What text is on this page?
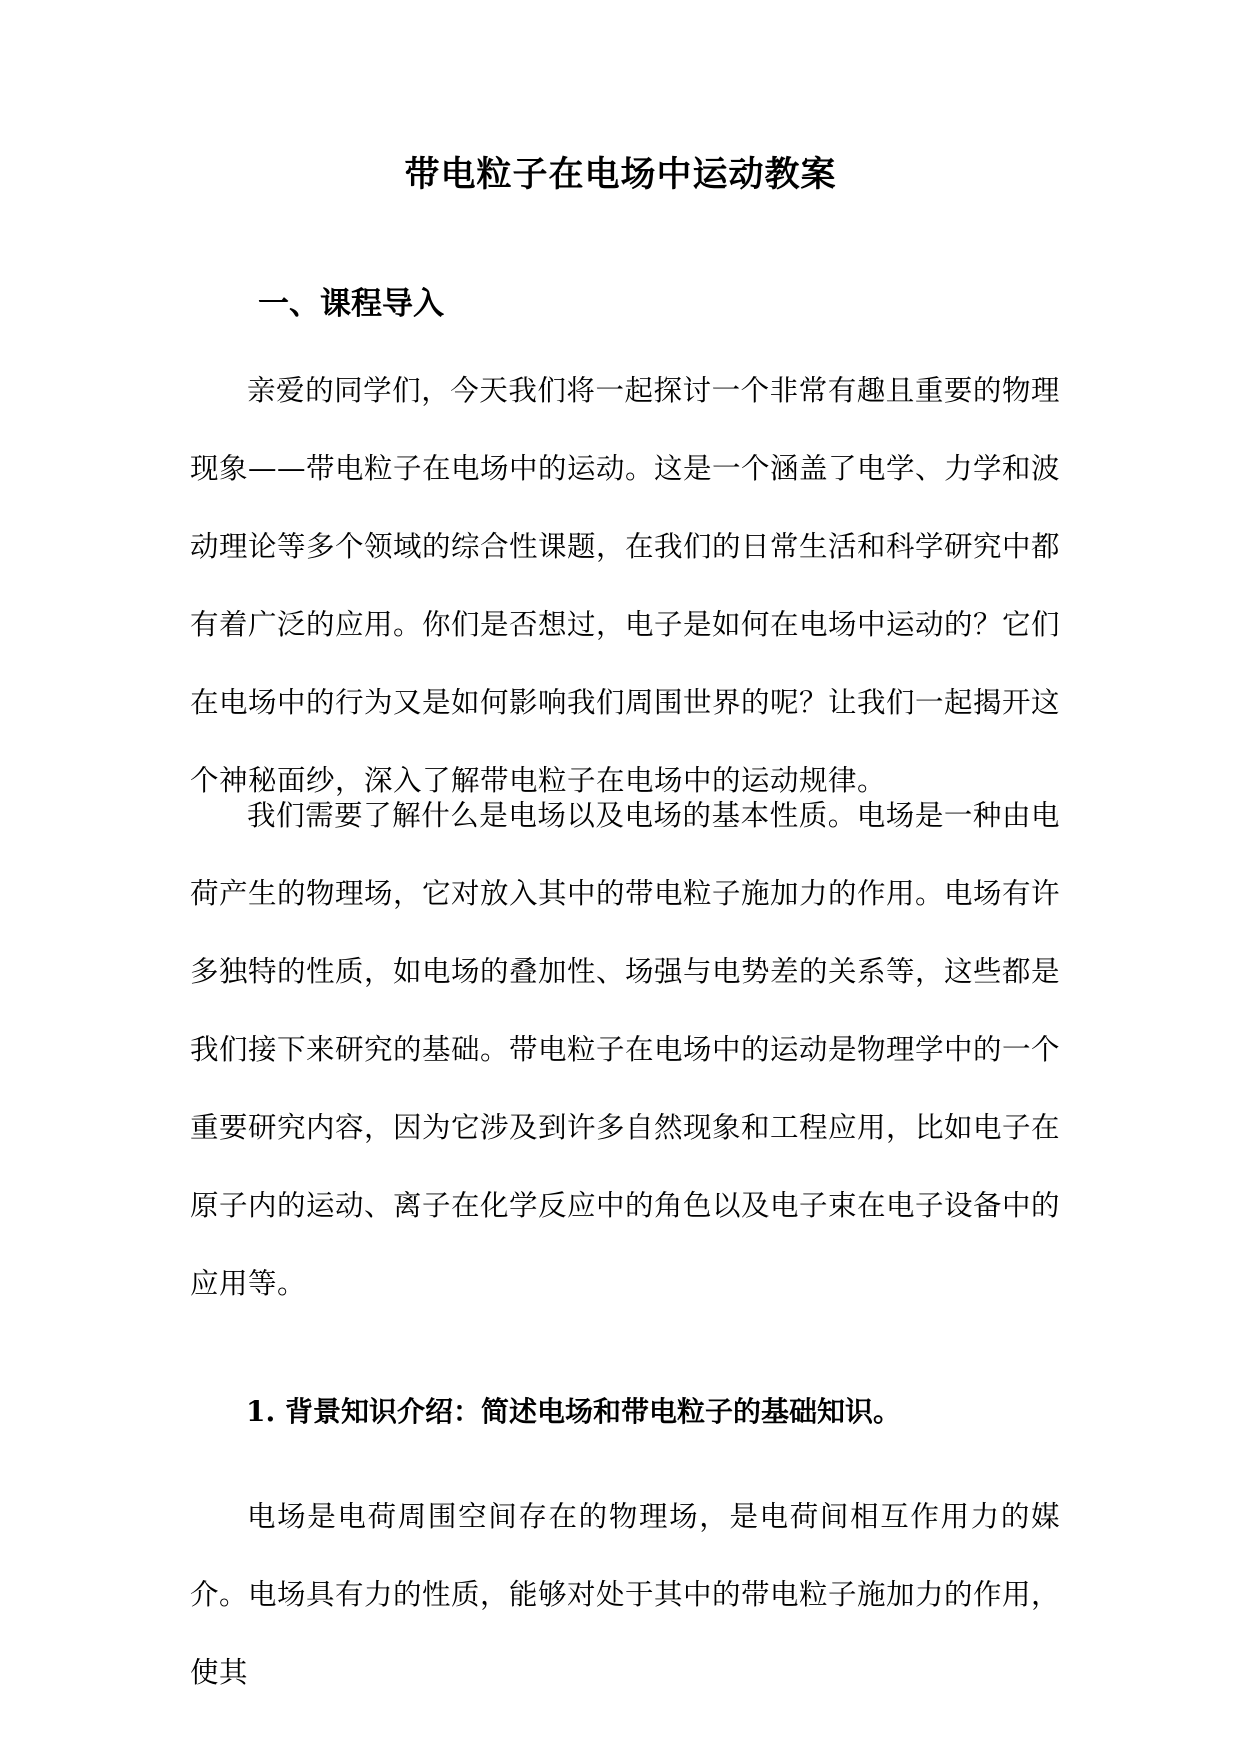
带电粒子在电场中运动教案
一、课程导入

亲爱的同学们，今天我们将一起探讨一个非常有趣且重要的物理现象——带电粒子在电场中的运动。这是一个涵盖了电学、力学和波动理论等多个领域的综合性课题，在我们的日常生活和科学研究中都有着广泛的应用。你们是否想过，电子是如何在电场中运动的？它们在电场中的行为又是如何影响我们周围世界的呢？让我们一起揭开这个神秘面纱，深入了解带电粒子在电场中的运动规律。

我们需要了解什么是电场以及电场的基本性质。电场是一种由电荷产生的物理场，它对放入其中的带电粒子施加力的作用。电场有许多独特的性质，如电场的叠加性、场强与电势差的关系等，这些都是我们接下来研究的基础。带电粒子在电场中的运动是物理学中的一个重要研究内容，因为它涉及到许多自然现象和工程应用，比如电子在原子内的运动、离子在化学反应中的角色以及电子束在电子设备中的应用等。

1. 背景知识介绍：简述电场和带电粒子的基础知识。

电场是电荷周围空间存在的物理场，是电荷间相互作用力的媒介。电场具有力的性质，能够对处于其中的带电粒子施加力的作用，使其
